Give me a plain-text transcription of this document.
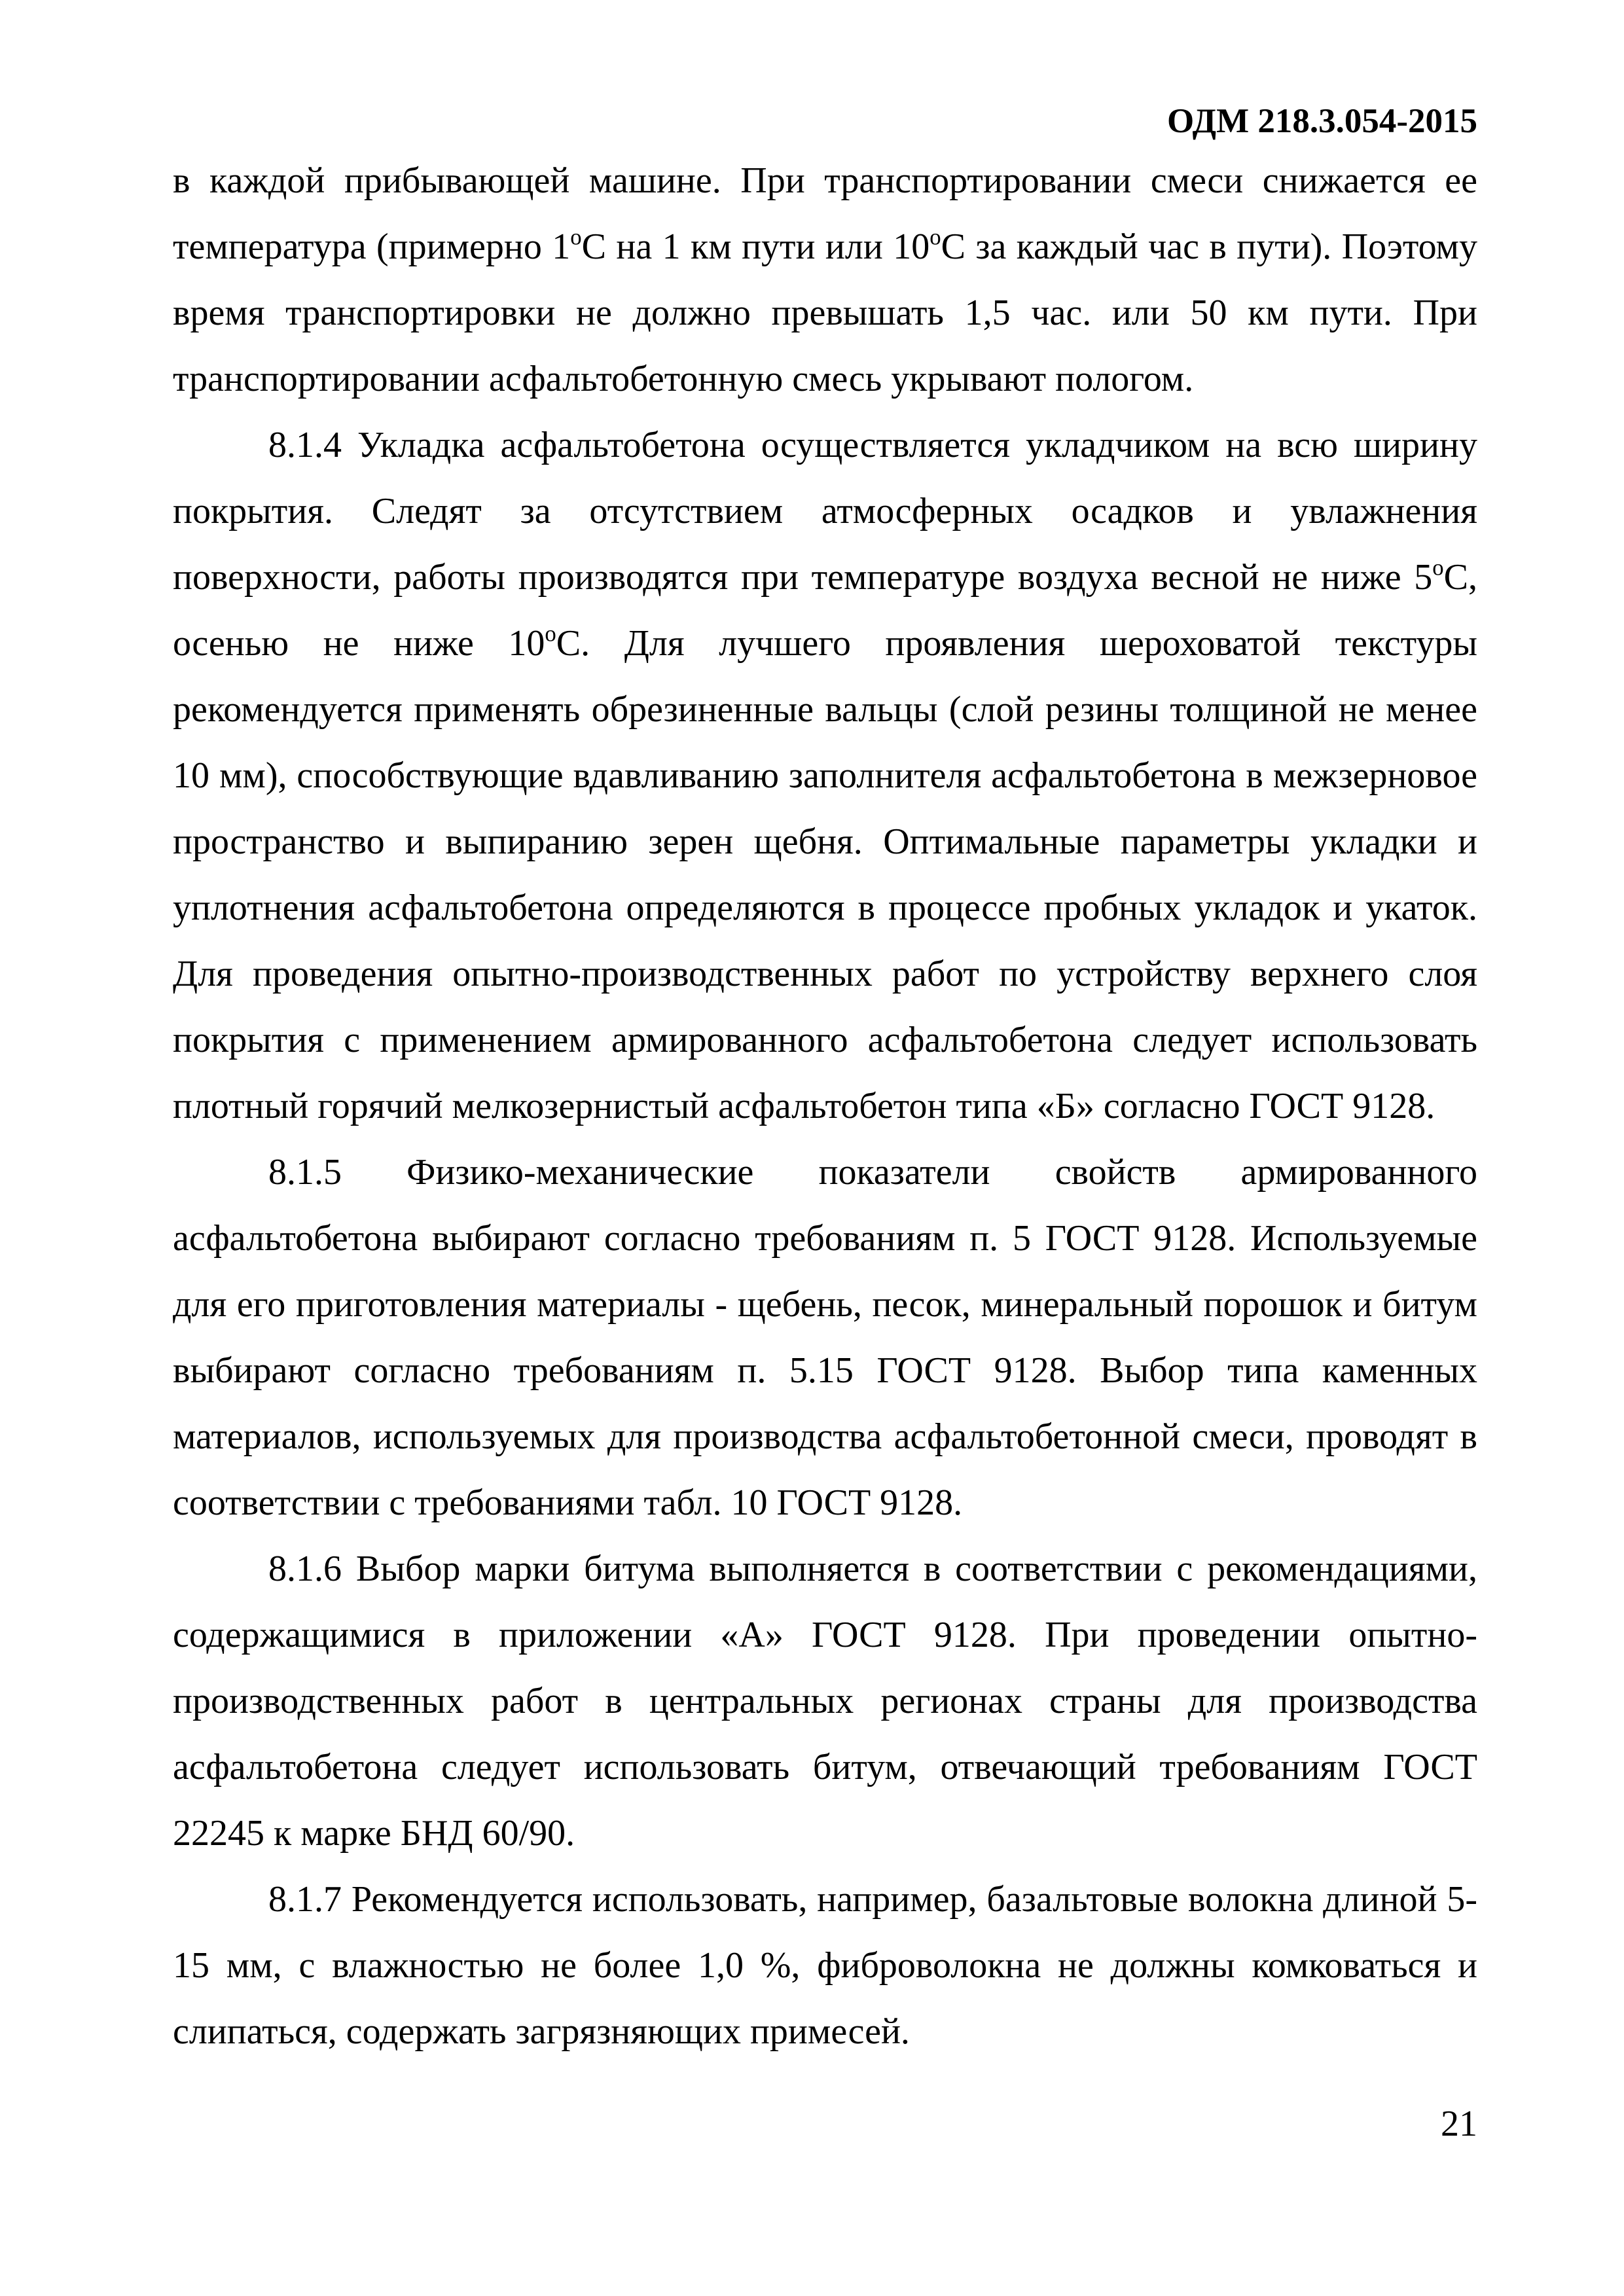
ОДМ 218.3.054-2015

в каждой прибывающей машине. При транспортировании смеси снижается ее температура (примерно 1$^o$С на 1 км пути или 10$^o$С за каждый час в пути). Поэтому время транспортировки не должно превышать 1,5 час. или 50 км пути. При транспортировании асфальтобетонную смесь укрывают пологом.

8.1.4 Укладка асфальтобетона осуществляется укладчиком на всю ширину покрытия. Следят за отсутствием атмосферных осадков и увлажнения поверхности, работы производятся при температуре воздуха весной не ниже 5$^o$С, осенью не ниже 10$^o$С. Для лучшего проявления шероховатой текстуры рекомендуется применять обрезиненные вальцы (слой резины толщиной не менее 10 мм), способствующие вдавливанию заполнителя асфальтобетона в межзерновое пространство и выпиранию зерен щебня. Оптимальные параметры укладки и уплотнения асфальтобетона определяются в процессе пробных укладок и укаток. Для проведения опытно-производственных работ по устройству верхнего слоя покрытия с применением армированного асфальтобетона следует использовать плотный горячий мелкозернистый асфальтобетон типа «Б» согласно ГОСТ 9128.

8.1.5 Физико-механические показатели свойств армированного асфальтобетона выбирают согласно требованиям п. 5 ГОСТ 9128. Используемые для его приготовления материалы - щебень, песок, минеральный порошок и битум выбирают согласно требованиям п. 5.15 ГОСТ 9128. Выбор типа каменных материалов, используемых для производства асфальтобетонной смеси, проводят в соответствии с требованиями табл. 10 ГОСТ 9128.

8.1.6 Выбор марки битума выполняется в соответствии с рекомендациями, содержащимися в приложении «А» ГОСТ 9128. При проведении опытно-производственных работ в центральных регионах страны для производства асфальтобетона следует использовать битум, отвечающий требованиям ГОСТ 22245 к марке БНД 60/90.

8.1.7 Рекомендуется использовать, например, базальтовые волокна длиной 5-15 мм, с влажностью не более 1,0 %, фиброволокна не должны комковаться и слипаться, содержать загрязняющих примесей.

21
